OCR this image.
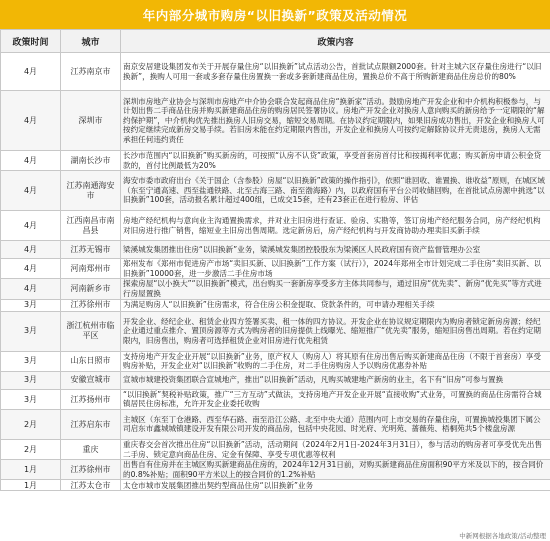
年内部分城市购房“以旧换新”政策及活动情况
政策时间	城市	政策内容
4月	江苏南京市	南京安居建设集团发布关于开展存量住房“以旧换新”试点活动公告，首批试点限额2000套。针对主城六区存量住房进行“以旧换新”，换购人可用一套或多套存量住房置换一套或多套新建商品住房，置换总价不高于所购新建商品住房总价的80%
4月	深圳市	深圳市房地产业协会与深圳市房地产中介协会联合发起商品住房“换新家”活动。鼓励房地产开发企业和中介机构积极参与，与计划出售二手商品住房并购买新建商品住房的购房居民签署协议。房地产开发企业对换房人意向购买的新房给予一定期限的“解约保护期”，中介机构优先推出换房人旧房交易，缩短交易周期。在协议约定期限内，如果旧房成功售出，开发企业和换房人可按约定继续完成新房交易手续。若旧房未能在约定期限内售出，开发企业和换房人可按约定解除协议并无责退房，换房人无需承担任何违约责任
4月	湖南长沙市	长沙市范围内“以旧换新”购买新房的，可按照“认房不认贷”政策，享受首套房首付比和按揭利率优惠；购买新房申请公积金贷款的，首付比例最低为20%
4月	江苏南通海安市	海安市委市政府出台《关于国企（含参股）房屋“以旧换新”政策的操作指引》，依照“谁回收、谁置换、谁收益”原则，在城区域（东至宁通高速、西至盐通铁路、北至古海三路、南至渤海路）内，以政府国有平台公司收储回购，在首批试点房源中挑选“以旧换新”100套，活动报名累计超过400组，已成交15套，还有23套正在进行验房、评估
4月	江西南昌市南昌县	房地产经纪机构与意向业主沟通置换需求，并对业主旧房进行查证、验房、实勘等，签订房地产经纪服务合同，房产经纪机构对旧房进行推广销售，缩短业主旧房出售周期。选定新房后，房产经纪机构与开发商协助办理卖旧买新手续
4月	江苏无锡市	梁溪城发集团推出住房“以旧换新”业务，梁溪城发集团控股股东为梁溪区人民政府国有资产监督管理办公室
4月	河南郑州市	郑州发布《郑州市促进房产市场“卖旧买新、以旧换新”工作方案（试行）》，2024年郑州全市计划完成二手住房“卖旧买新、以旧换新”10000套，进一步激活二手住房市场
4月	河南新乡市	探索房屋“以小换大”“以旧换新”模式，出台购买一套新房享受多方主体共同参与，通过旧房“优先卖”、新房“优先买”等方式进行房屋置换
3月	江苏徐州市	为满足购房人“以旧换新”住房需求，符合住房公积金提取、贷款条件的，可申请办理相关手续
3月	浙江杭州市临平区	开发企业、经纪企业、租赁企业四方签署买卖、租一体的四方协议。开发企业在协议规定期限内为购房者锁定新房房源；经纪企业通过重点推介、置顶房源等方式为购房者的旧房提供上线曝光、缩短推广“优先卖”服务，缩短旧房售出周期。若在约定期限内，旧房售出，购房者可选择租赁企业对旧房进行优先租赁
3月	山东日照市	支持房地产开发企业开展“以旧换新”业务，原产权人（购房人）将其原有住房出售后购买新建商品住房（不限于首套房）享受购房补贴，开发企业对“以旧换新”收购的二手住房，对二手住房购房人予以购房优惠券补贴
3月	安徽宣城市	宣城市城建投资集团联合宣城地产，推出“以旧换新”活动，凡购买城建地产新房的业主，名下有“旧房”可参与置换
3月	江苏扬州市	“以旧换新”契税补贴政策，推广“三方互动”式做法，支持房地产开发企业开展“直接收购”式业务，可置换的商品住房需符合城镇居民住房标准，允许开发企业委托收购
2月	江苏启东市	主城区（东至丁仓港路、西至华石路、南至沿江公路、北至中央大道）范围内可上市交易的存量住房，可置换城投集团下属公司启东市鑫城城镇建设开发有限公司开发的商品房，包括中央花园、时光府、光明苑、蔷薇苑、梧桐苑共5个楼盘房源
2月	重庆	重庆春交会首次推出住房“以旧换新”活动，活动期间（2024年2月1日-2024年3月31日），参与活动的购房者可享受优先出售二手房、锁定意向商品住房、定金有保障、享受专项优惠等权利
1月	江苏徐州市	出售自有住房并在主城区购买新建商品住房的，2024年12月31日前，对购买新建商品住房面积90平方米及以下的，按合同价的0.8%补贴；面积90平方米以上的按合同价的1.2%补贴
1月	江苏太仓市	太仓市城市发展集团推出契约型商品住房“以旧换新”业务
中新网根据各地政策/活动整理
